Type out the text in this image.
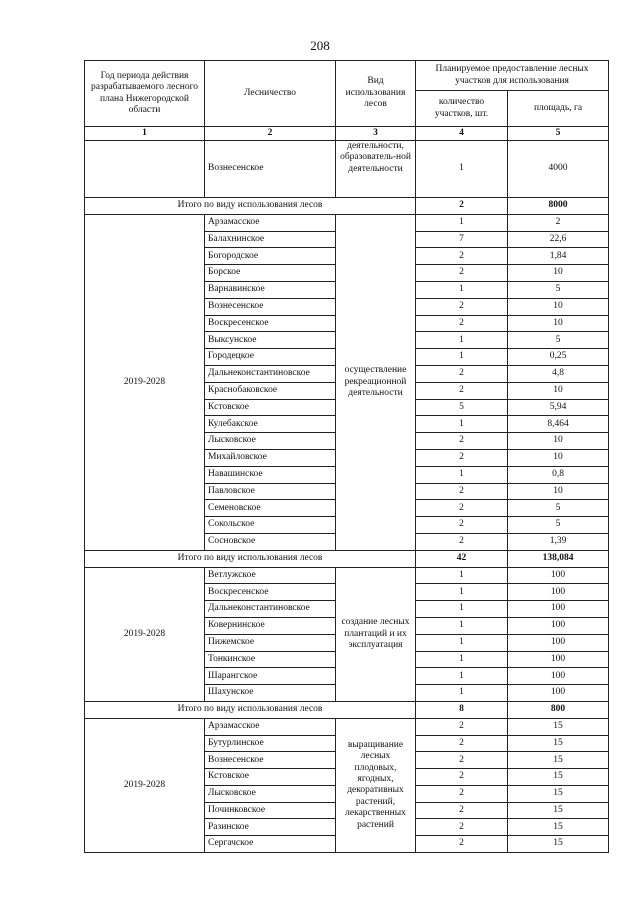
208
Год периода действия разрабатываемого лесного плана Нижегородской области	Лесничество	Вид использования лесов	Планируемое предоставление лесных участков для использования	
			количество участков, шт.	площадь, га
1	2	3	4	5
	Вознесенское	деятельности, образователь-ной деятельности	1	4000
Итого по виду использования лесов			2	8000
2019-2028	Арзамасское	осуществление рекреационной деятельности	1	2
	Балахнинское		7	22,6
	Богородское		2	1,84
	Борское		2	10
	Варнавинское		1	5
	Вознесенское		2	10
	Воскресенское		2	10
	Выксунское		1	5
	Городецкое		1	0,25
	Дальнеконстантиновское		2	4,8
	Краснобаковское		2	10
	Кстовское		5	5,94
	Кулебакское		1	8,464
	Лысковское		2	10
	Михайловское		2	10
	Навашинское		1	0,8
	Павловское		2	10
	Семеновское		2	5
	Сокольское		2	5
	Сосновское		2	1,39
Итого по виду использования лесов			42	138,084
2019-2028	Ветлужское	создание лесных плантаций и их эксплуатация	1	100
	Воскресенское		1	100
	Дальнеконстантиновское		1	100
	Ковернинское		1	100
	Пижемское		1	100
	Тонкинское		1	100
	Шарангское		1	100
	Шахунское		1	100
Итого по виду использования лесов			8	800
2019-2028	Арзамасское	выращивание лесных плодовых, ягодных, декоративных растений, лекарственных растений	2	15
	Бутурлинское		2	15
	Вознесенское		2	15
	Кстовское		2	15
	Лысковское		2	15
	Починковское		2	15
	Разинское		2	15
	Сергачское		2	15
